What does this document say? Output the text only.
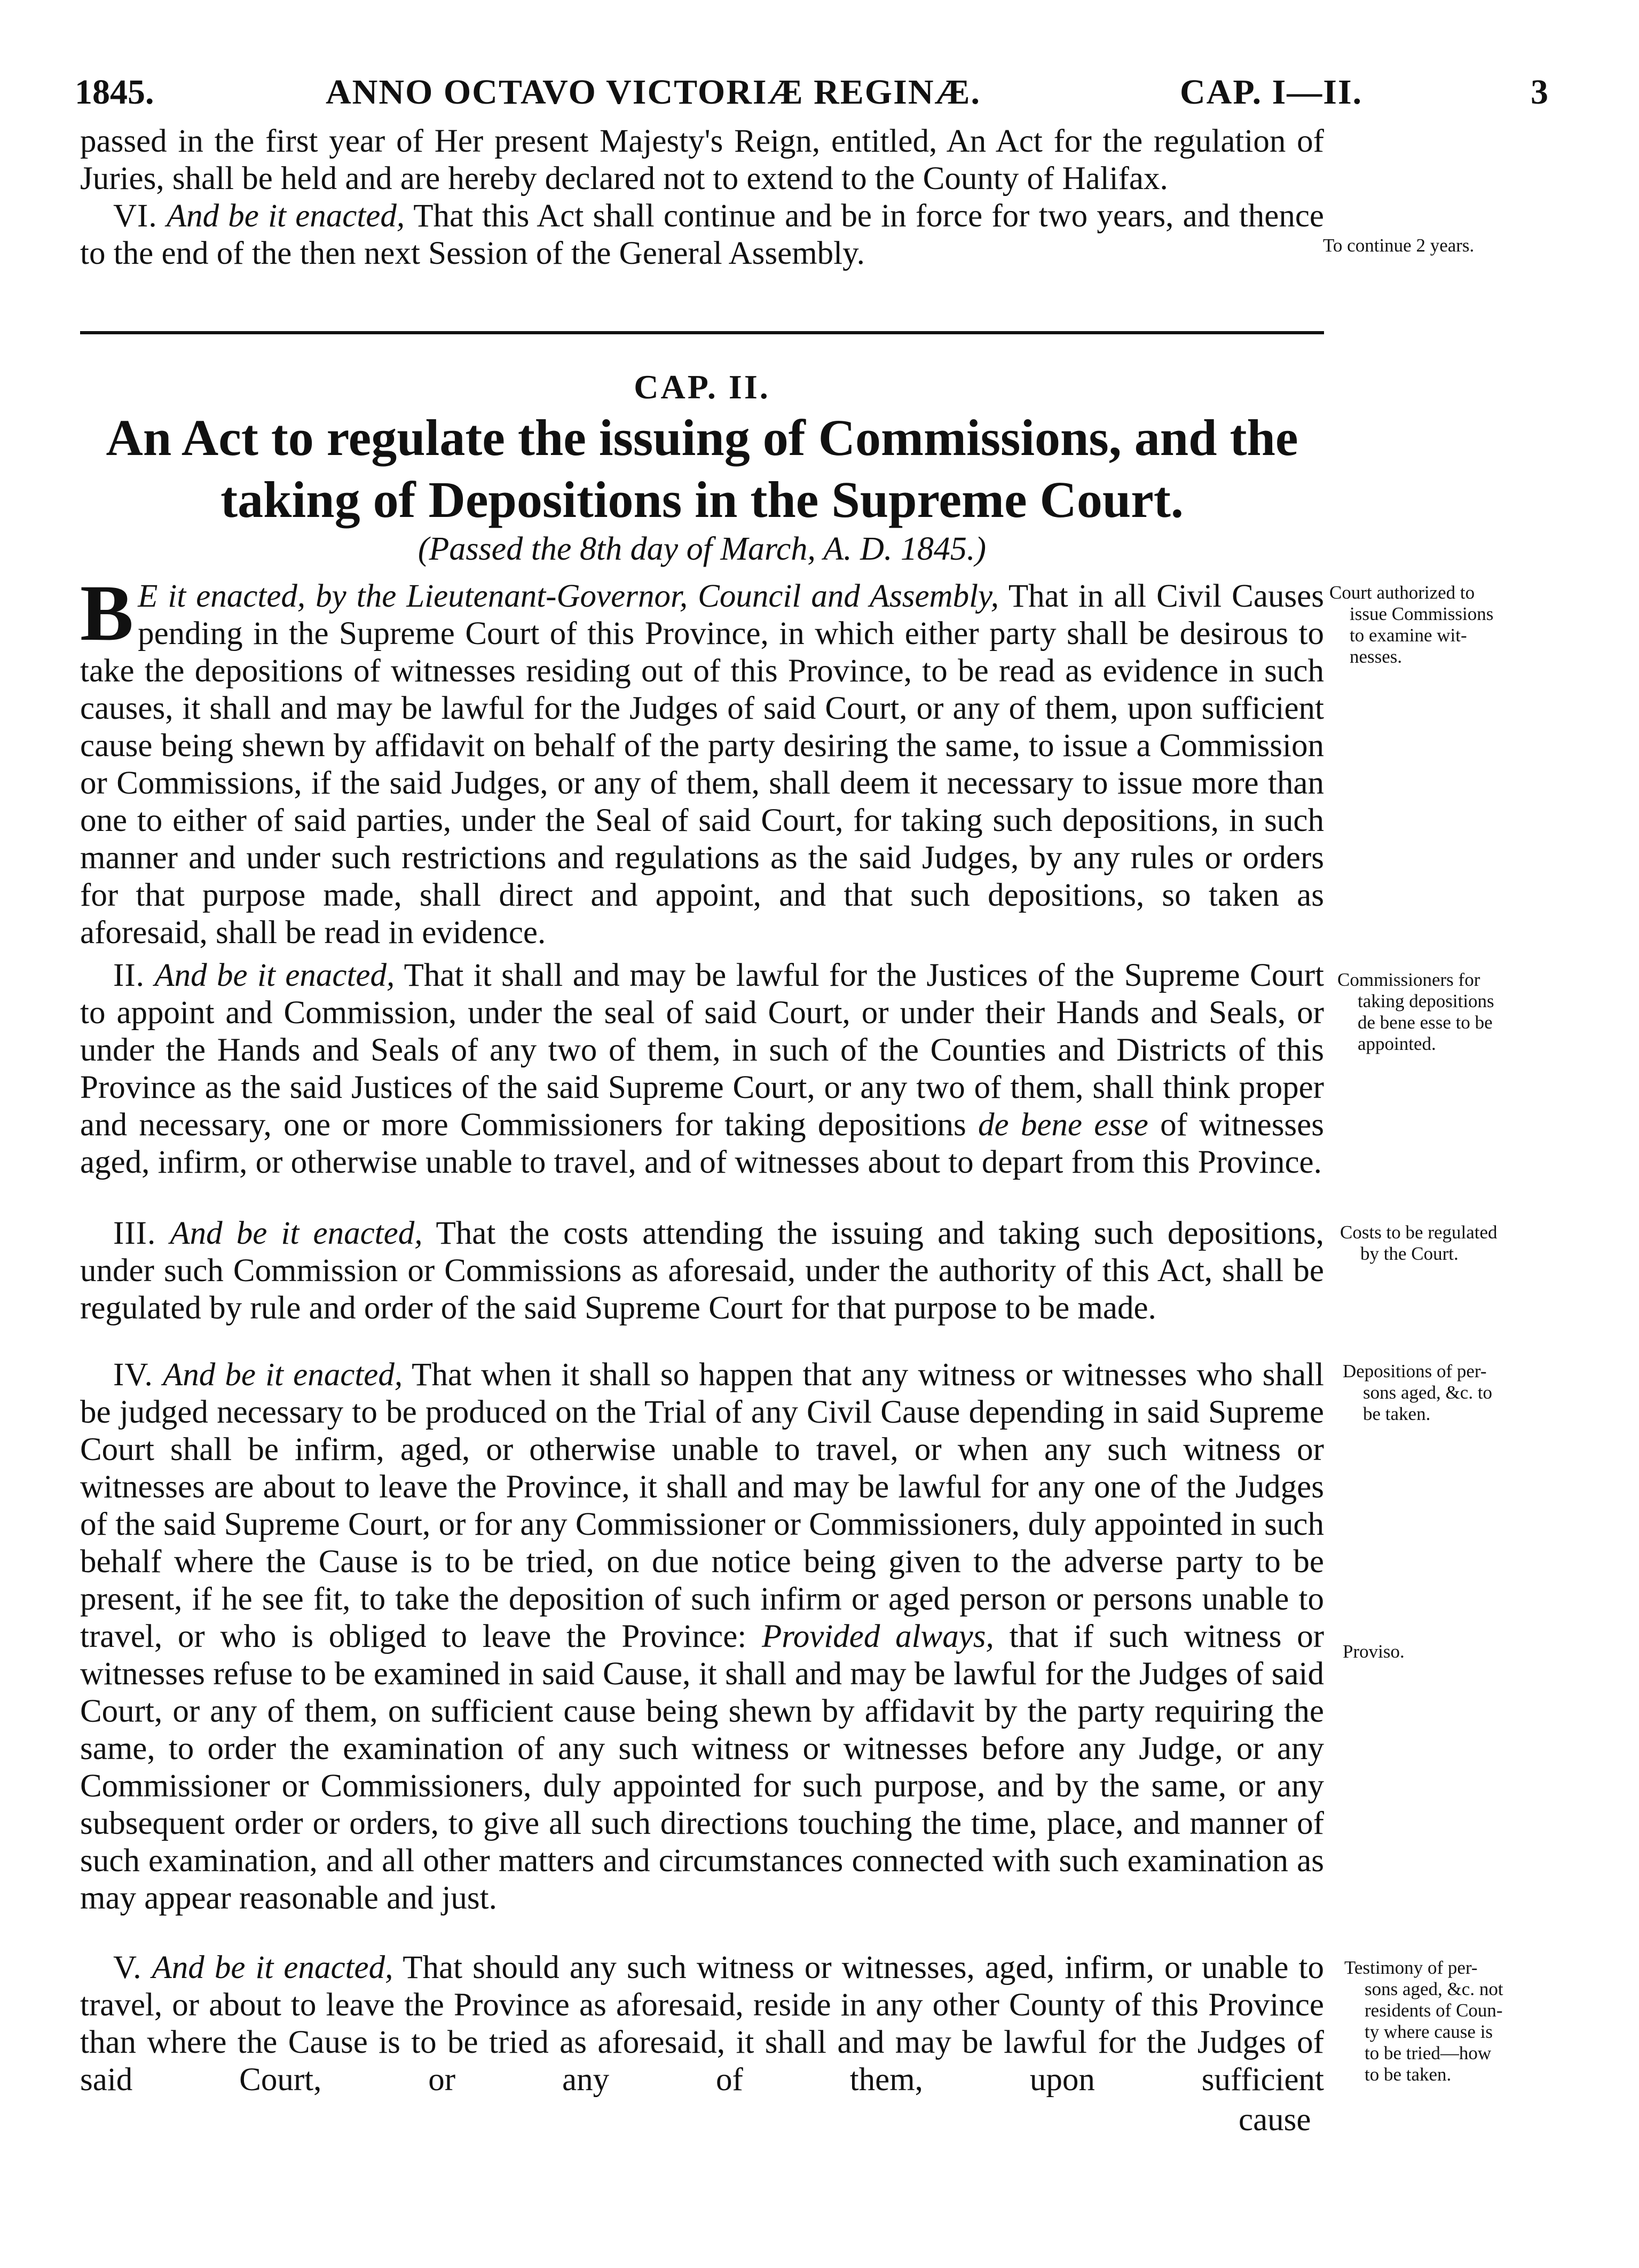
1845.	ANNO OCTAVO VICTORIÆ REGINÆ.	CAP. I—II.	3

passed in the first year of Her present Majesty's Reign, entitled, An Act for the regulation of Juries, shall be held and are hereby declared not to extend to the County of Halifax.

VI. And be it enacted, That this Act shall continue and be in force for two years, and thence to the end of the then next Session of the General Assembly.	To continue 2 years.
CAP. II.
An Act to regulate the issuing of Commissions, and the
taking of Depositions in the Supreme Court.
(Passed the 8th day of March, A. D. 1845.)

B E it enacted, by the Lieutenant-Governor, Council and Assembly, That in all Civil Causes pending in the Supreme Court of this Province, in which either party shall be desirous to take the depositions of witnesses residing out of this Province, to be read as evidence in such causes, it shall and may be lawful for the Judges of said Court, or any of them, upon sufficient cause being shewn by affidavit on behalf of the party desiring the same, to issue a Commission or Commissions, if the said Judges, or any of them, shall deem it necessary to issue more than one to either of said parties, under the Seal of said Court, for taking such depositions, in such manner and under such restrictions and regulations as the said Judges, by any rules or orders for that purpose made, shall direct and appoint, and that such depositions, so taken as aforesaid, shall be read in evidence.

Court authorized to
issue Commissions
to examine wit-
nesses.

II. And be it enacted, That it shall and may be lawful for the Justices of the Supreme Court to appoint and Commission, under the seal of said Court, or under their Hands and Seals, or under the Hands and Seals of any two of them, in such of the Counties and Districts of this Province as the said Justices of the said Supreme Court, or any two of them, shall think proper and necessary, one or more Commissioners for taking depositions de bene esse of witnesses aged, infirm, or otherwise unable to travel, and of witnesses about to depart from this Province.

Commissioners for
taking depositions
de bene esse to be
appointed.

III. And be it enacted, That the costs attending the issuing and taking such depositions, under such Commission or Commissions as aforesaid, under the authority of this Act, shall be regulated by rule and order of the said Supreme Court for that purpose to be made.

Costs to be regulated
by the Court.

IV. And be it enacted, That when it shall so happen that any witness or witnesses who shall be judged necessary to be produced on the Trial of any Civil Cause depending in said Supreme Court shall be infirm, aged, or otherwise unable to travel, or when any such witness or witnesses are about to leave the Province, it shall and may be lawful for any one of the Judges of the said Supreme Court, or for any Commissioner or Commissioners, duly appointed in such behalf where the Cause is to be tried, on due notice being given to the adverse party to be present, if he see fit, to take the deposition of such infirm or aged person or persons unable to travel, or who is obliged to leave the Province: Provided always, that if such witness or witnesses refuse to be examined in said Cause, it shall and may be lawful for the Judges of said Court, or any of them, on sufficient cause being shewn by affidavit by the party requiring the same, to order the examination of any such witness or witnesses before any Judge, or any Commissioner or Commissioners, duly appointed for such purpose, and by the same, or any subsequent order or orders, to give all such directions touching the time, place, and manner of such examination, and all other matters and circumstances connected with such examination as may appear reasonable and just.

Depositions of per-
sons aged, &c. to
be taken.
Proviso.

V. And be it enacted, That should any such witness or witnesses, aged, infirm, or unable to travel, or about to leave the Province as aforesaid, reside in any other County of this Province than where the Cause is to be tried as aforesaid, it shall and may be lawful for the Judges of said Court, or any of them, upon sufficient

Testimony of per-
sons aged, &c. not
residents of Coun-
ty where cause is
to be tried—how
to be taken.
cause
